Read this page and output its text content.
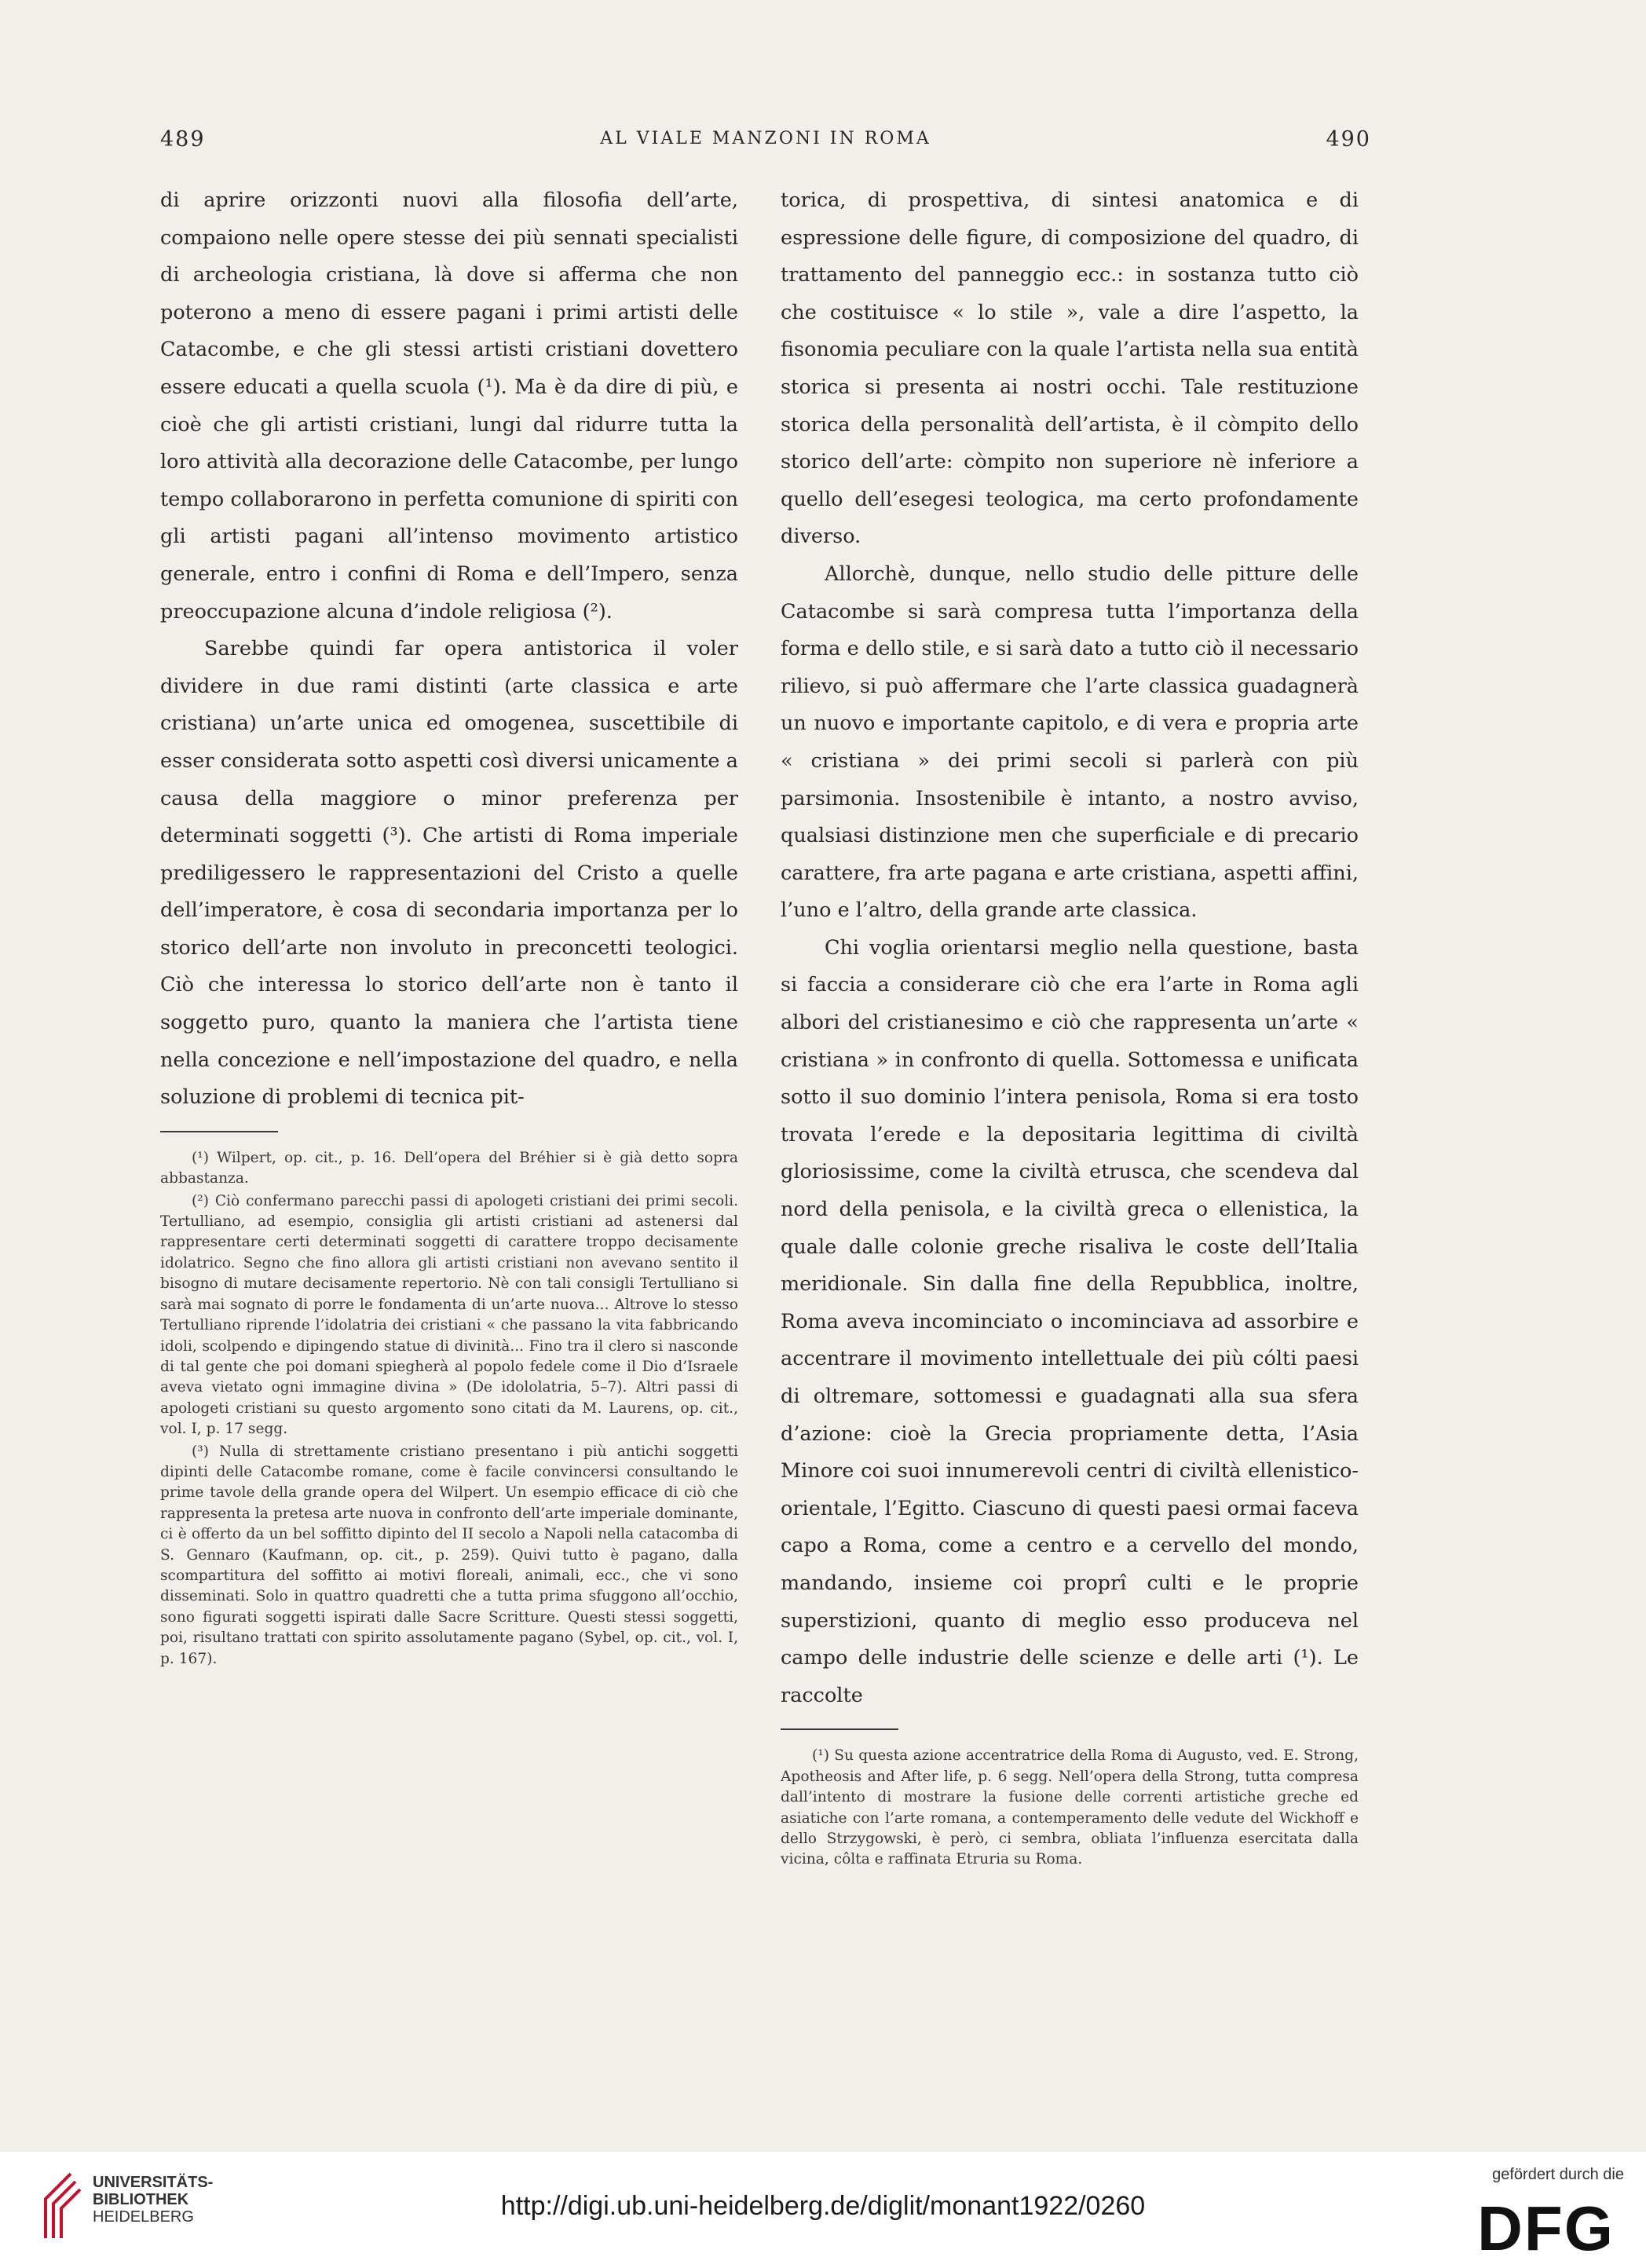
489	AL VIALE MANZONI IN ROMA	490

di aprire orizzonti nuovi alla filosofia dell’arte, compaiono nelle opere stesse dei più sennati specialisti di archeologia cristiana, là dove si afferma che non poterono a meno di essere pagani i primi artisti delle Catacombe, e che gli stessi artisti cristiani dovettero essere educati a quella scuola (¹). Ma è da dire di più, e cioè che gli artisti cristiani, lungi dal ridurre tutta la loro attività alla decorazione delle Catacombe, per lungo tempo collaborarono in perfetta comunione di spiriti con gli artisti pagani all’intenso movimento artistico generale, entro i confini di Roma e dell’Impero, senza preoccupazione alcuna d’indole religiosa (²).

Sarebbe quindi far opera antistorica il voler dividere in due rami distinti (arte classica e arte cristiana) un’arte unica ed omogenea, suscettibile di esser considerata sotto aspetti così diversi unicamente a causa della maggiore o minor preferenza per determinati soggetti (³). Che artisti di Roma imperiale prediligessero le rappresentazioni del Cristo a quelle dell’imperatore, è cosa di secondaria importanza per lo storico dell’arte non involuto in preconcetti teologici. Ciò che interessa lo storico dell’arte non è tanto il soggetto puro, quanto la maniera che l’artista tiene nella concezione e nell’impostazione del quadro, e nella soluzione di problemi di tecnica pit-

(¹) Wilpert, op. cit., p. 16. Dell’opera del Bréhier si è già detto sopra abbastanza.

(²) Ciò confermano parecchi passi di apologeti cristiani dei primi secoli. Tertulliano, ad esempio, consiglia gli artisti cristiani ad astenersi dal rappresentare certi determinati soggetti di carattere troppo decisamente idolatrico. Segno che fino allora gli artisti cristiani non avevano sentito il bisogno di mutare decisamente repertorio. Nè con tali consigli Tertulliano si sarà mai sognato di porre le fondamenta di un’arte nuova... Altrove lo stesso Tertulliano riprende l’idolatria dei cristiani « che passano la vita fabbricando idoli, scolpendo e dipingendo statue di divinità... Fino tra il clero si nasconde di tal gente che poi domani spiegherà al popolo fedele come il Dio d’Israele aveva vietato ogni immagine divina » (De idololatria, 5–7). Altri passi di apologeti cristiani su questo argomento sono citati da M. Laurens, op. cit., vol. I, p. 17 segg.

(³) Nulla di strettamente cristiano presentano i più antichi soggetti dipinti delle Catacombe romane, come è facile convincersi consultando le prime tavole della grande opera del Wilpert. Un esempio efficace di ciò che rappresenta la pretesa arte nuova in confronto dell’arte imperiale dominante, ci è offerto da un bel soffitto dipinto del II secolo a Napoli nella catacomba di S. Gennaro (Kaufmann, op. cit., p. 259). Quivi tutto è pagano, dalla scompartitura del soffitto ai motivi floreali, animali, ecc., che vi sono disseminati. Solo in quattro quadretti che a tutta prima sfuggono all’occhio, sono figurati soggetti ispirati dalle Sacre Scritture. Questi stessi soggetti, poi, risultano trattati con spirito assolutamente pagano (Sybel, op. cit., vol. I, p. 167).

torica, di prospettiva, di sintesi anatomica e di espressione delle figure, di composizione del quadro, di trattamento del panneggio ecc.: in sostanza tutto ciò che costituisce « lo stile », vale a dire l’aspetto, la fisonomia peculiare con la quale l’artista nella sua entità storica si presenta ai nostri occhi. Tale restituzione storica della personalità dell’artista, è il còmpito dello storico dell’arte: còmpito non superiore nè inferiore a quello dell’esegesi teologica, ma certo profondamente diverso.

Allorchè, dunque, nello studio delle pitture delle Catacombe si sarà compresa tutta l’importanza della forma e dello stile, e si sarà dato a tutto ciò il necessario rilievo, si può affermare che l’arte classica guadagnerà un nuovo e importante capitolo, e di vera e propria arte « cristiana » dei primi secoli si parlerà con più parsimonia. Insostenibile è intanto, a nostro avviso, qualsiasi distinzione men che superficiale e di precario carattere, fra arte pagana e arte cristiana, aspetti affini, l’uno e l’altro, della grande arte classica.

Chi voglia orientarsi meglio nella questione, basta si faccia a considerare ciò che era l’arte in Roma agli albori del cristianesimo e ciò che rappresenta un’arte « cristiana » in confronto di quella. Sottomessa e unificata sotto il suo dominio l’intera penisola, Roma si era tosto trovata l’erede e la depositaria legittima di civiltà gloriosissime, come la civiltà etrusca, che scendeva dal nord della penisola, e la civiltà greca o ellenistica, la quale dalle colonie greche risaliva le coste dell’Italia meridionale. Sin dalla fine della Repubblica, inoltre, Roma aveva incominciato o incominciava ad assorbire e accentrare il movimento intellettuale dei più cólti paesi di oltremare, sottomessi e guadagnati alla sua sfera d’azione: cioè la Grecia propriamente detta, l’Asia Minore coi suoi innumerevoli centri di civiltà ellenistico-orientale, l’Egitto. Ciascuno di questi paesi ormai faceva capo a Roma, come a centro e a cervello del mondo, mandando, insieme coi proprî culti e le proprie superstizioni, quanto di meglio esso produceva nel campo delle industrie delle scienze e delle arti (¹). Le raccolte

(¹) Su questa azione accentratrice della Roma di Augusto, ved. E. Strong, Apotheosis and After life, p. 6 segg. Nell’opera della Strong, tutta compresa dall’intento di mostrare la fusione delle correnti artistiche greche ed asiatiche con l’arte romana, a contemperamento delle vedute del Wickhoff e dello Strzygowski, è però, ci sembra, obliata l’influenza esercitata dalla vicina, côlta e raffinata Etruria su Roma.

UNIVERSITÄTS-
BIBLIOTHEK
HEIDELBERG	http://digi.ub.uni-heidelberg.de/diglit/monant1922/0260
gefördert durch die
DFG
